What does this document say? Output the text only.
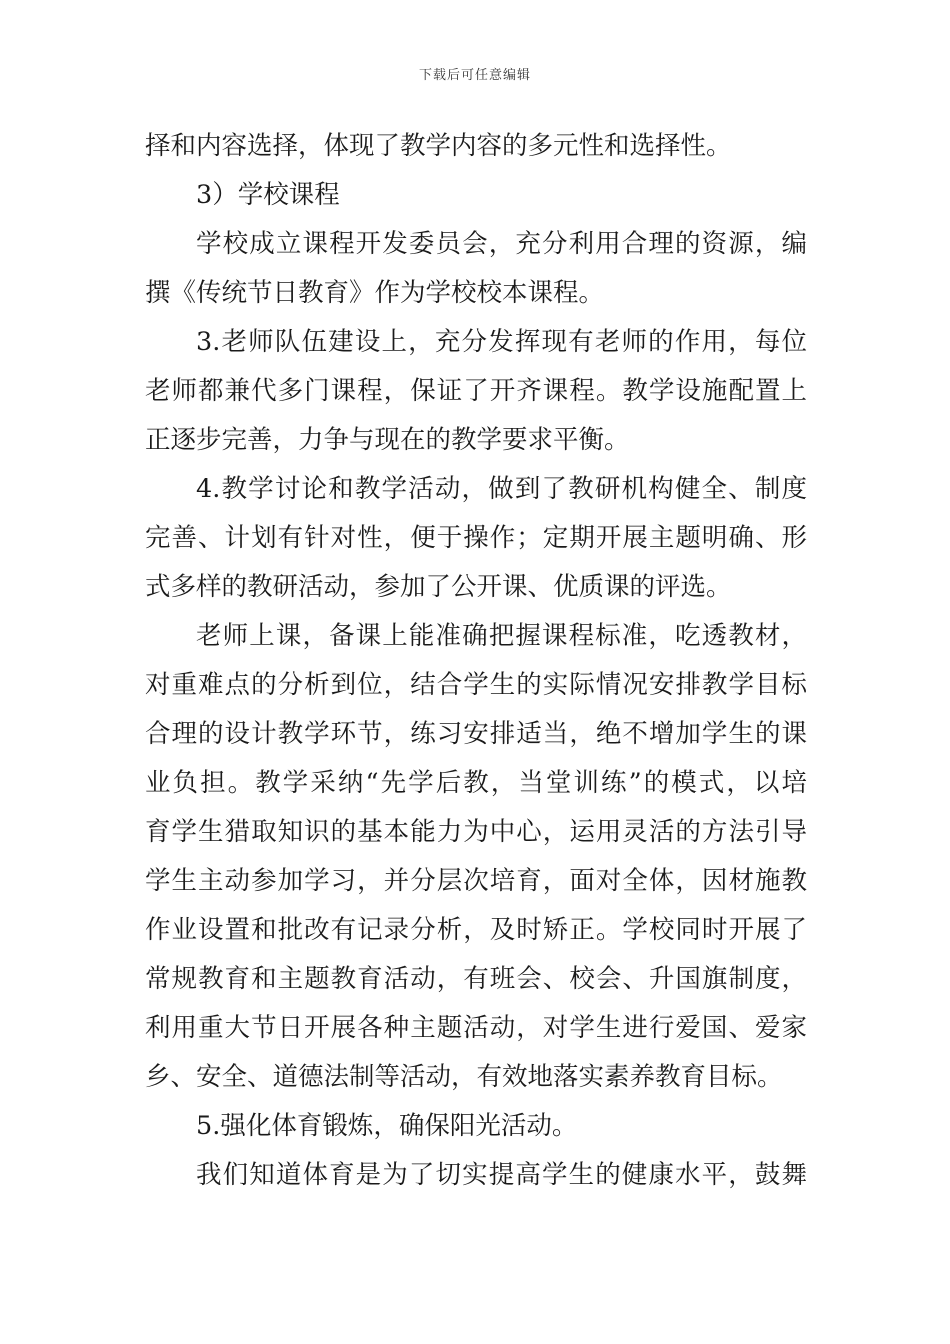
下载后可任意编辑
择和内容选择，体现了教学内容的多元性和选择性。
3）学校课程
学校成立课程开发委员会，充分利用合理的资源，编
撰《传统节日教育》作为学校校本课程。
3.老师队伍建设上，充分发挥现有老师的作用，每位
老师都兼代多门课程，保证了开齐课程。教学设施配置上
正逐步完善，力争与现在的教学要求平衡。
4.教学讨论和教学活动，做到了教研机构健全、制度
完善、计划有针对性，便于操作；定期开展主题明确、形
式多样的教研活动，参加了公开课、优质课的评选。
老师上课，备课上能准确把握课程标准，吃透教材，
对重难点的分析到位，结合学生的实际情况安排教学目标
合理的设计教学环节，练习安排适当，绝不增加学生的课
业负担。教学采纳“先学后教，当堂训练”的模式，以培
育学生猎取知识的基本能力为中心，运用灵活的方法引导
学生主动参加学习，并分层次培育，面对全体，因材施教
作业设置和批改有记录分析，及时矫正。学校同时开展了
常规教育和主题教育活动，有班会、校会、升国旗制度，
利用重大节日开展各种主题活动，对学生进行爱国、爱家
乡、安全、道德法制等活动，有效地落实素养教育目标。
5.强化体育锻炼，确保阳光活动。
我们知道体育是为了切实提高学生的健康水平，鼓舞
